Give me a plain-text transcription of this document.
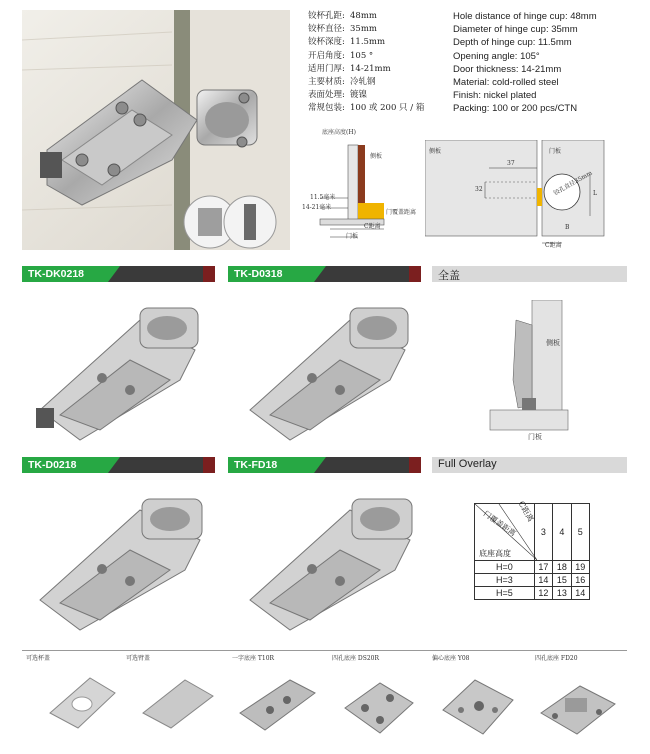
铰杯孔距: 48mm
铰杯直径: 35mm
铰杯深度: 11.5mm
开启角度: 105 °
适用门厚: 14-21mm
主要材质: 冷轧钢
表面处理: 镀镍
常规包装: 100 或 200 只 / 箱
Hole distance of hinge cup: 48mm
Diameter of hinge cup: 35mm
Depth of hinge cup: 11.5mm
Opening angle: 105°
Door thickness: 14-21mm
Material: cold-rolled steel
Finish: nickel plated
Packing: 100 or 200 pcs/CTN
底座高度(H)
侧板
11.5毫米
14-21毫米
门覆盖距离
门板
C距离
侧板	门板
37
32	铰孔直径35mm L
B
C距离
TK-DK0218	TK-D0318	全盖
侧板
门板
TK-D0218	TK-FD18	Full Overlay
C距离
门覆盖距离
底座高度	3	4	5
H=0	17	18	19
H=3	14	15	16
H=5	12	13	14
可选杯盖	可选臂盖	一字底座 T10R	四孔底座 DS20R	偏心底座 Y08	四孔底座 FD20
